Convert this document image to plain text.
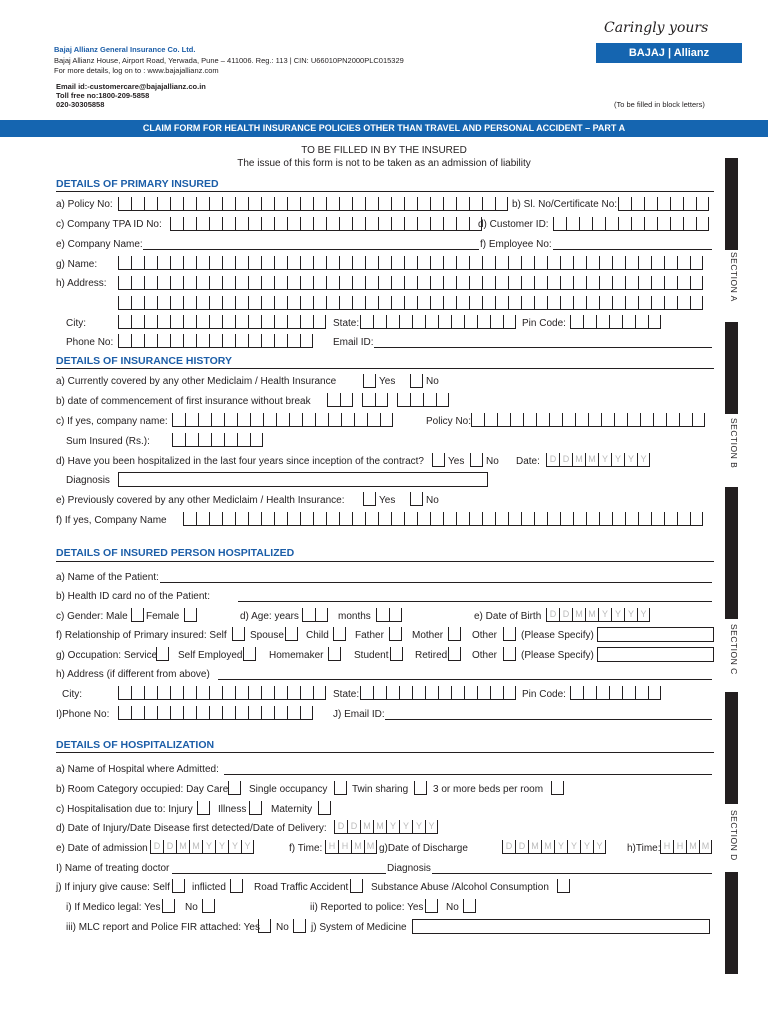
Caringly yours
BAJAJ | Allianz
Bajaj Allianz General Insurance Co. Ltd.
Bajaj Allianz House, Airport Road, Yerwada, Pune – 411006. Reg.: 113 | CIN: U66010PN2000PLC015329
For more details, log on to : www.bajajallianz.com
Email id:-customercare@bajajallianz.co.in
Toll free no:1800-209-5858
020-30305858	(To be filled in block letters)
CLAIM FORM FOR HEALTH INSURANCE POLICIES OTHER THAN TRAVEL AND PERSONAL ACCIDENT – PART A
TO BE FILLED IN BY THE INSURED
The issue of this form is not to be taken as an admission of liability
SECTION A
SECTION B
SECTION C
SECTION D
DETAILS OF PRIMARY INSURED
a) Policy No:	b) Sl. No/Certificate No:
c) Company TPA ID No:	d) Customer ID:
e) Company Name:	f) Employee No:
g) Name:
h) Address:
City:	State:	Pin Code:
Phone No:	Email ID:
DETAILS OF INSURANCE HISTORY
a) Currently covered by any other Mediclaim / Health Insurance	Yes	No
b) date of commencement of first insurance without break
c) If yes, company name:	Policy No:
Sum Insured (Rs.):
d) Have you been hospitalized in the last four years since inception of the contract? Yes No Date:	D D M M Y Y Y Y
Diagnosis
e) Previously covered by any other Mediclaim / Health Insurance:	Yes	No
f) If yes, Company Name
DETAILS OF INSURED PERSON HOSPITALIZED
a) Name of the Patient:
b) Health ID card no of the Patient:
c) Gender: Male Female	d) Age: years	months	e) Date of Birth D D M M Y Y Y Y
f) Relationship of Primary insured: Self Spouse Child	Father	Mother	Other (Please Specify)
g) Occupation: Service Self Employed	Homemaker	Student	Retired Other (Please Specify)
h) Address (if different from above)
City:	State:	Pin Code:
I)Phone No:	J) Email ID:
DETAILS OF HOSPITALIZATION
a) Name of Hospital where Admitted:
b) Room Category occupied: Day Care Single occupancy Twin sharing 3 or more beds per room
c) Hospitalisation due to: Injury	Illness Maternity
d) Date of Injury/Date Disease first detected/Date of Delivery:	D D M M Y Y Y Y
e) Date of admission D D M M Y Y Y Y	f) Time: H H M M g)Date of Discharge	D D M M Y Y Y Y	h)Time: H H M M
I) Name of treating doctor	Diagnosis
j) If injury give cause: Self inflicted	Road Traffic Accident Substance Abuse /Alcohol Consumption
i) If Medico legal: Yes No	ii) Reported to police: Yes No
iii) MLC report and Police FIR attached: Yes No j) System of Medicine
